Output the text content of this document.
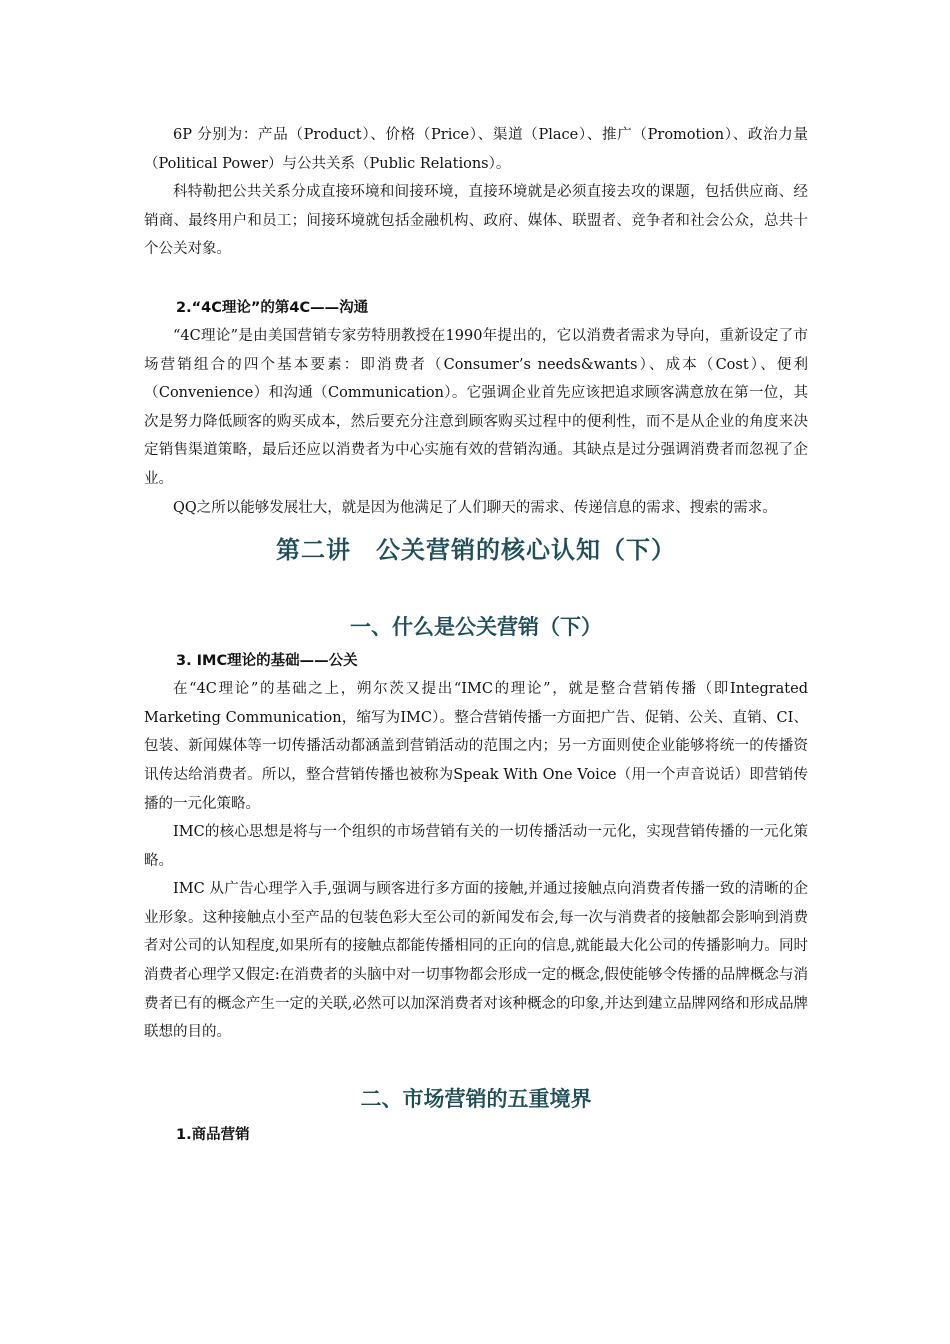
6P 分别为：产品（Product）、价格（Price）、渠道（Place）、推广（Promotion）、政治力量（Political Power）与公共关系（Public Relations）。

科特勒把公共关系分成直接环境和间接环境，直接环境就是必须直接去攻的课题，包括供应商、经销商、最终用户和员工；间接环境就包括金融机构、政府、媒体、联盟者、竞争者和社会公众，总共十个公关对象。

2.“4C理论”的第4C——沟通

“4C理论”是由美国营销专家劳特朋教授在1990年提出的，它以消费者需求为导向，重新设定了市场营销组合的四个基本要素：即消费者（Consumer’s needs&wants）、成本（Cost）、便利（Convenience）和沟通（Communication）。它强调企业首先应该把追求顾客满意放在第一位，其次是努力降低顾客的购买成本，然后要充分注意到顾客购买过程中的便利性，而不是从企业的角度来决定销售渠道策略，最后还应以消费者为中心实施有效的营销沟通。其缺点是过分强调消费者而忽视了企业。

QQ之所以能够发展壮大，就是因为他满足了人们聊天的需求、传递信息的需求、搜索的需求。

第二讲　公关营销的核心认知（下）
一、什么是公关营销（下）
3. IMC理论的基础——公关

在“4C理论”的基础之上，朔尔茨又提出“IMC的理论”，就是整合营销传播（即Integrated Marketing Communication，缩写为IMC）。整合营销传播一方面把广告、促销、公关、直销、CI、包装、新闻媒体等一切传播活动都涵盖到营销活动的范围之内；另一方面则使企业能够将统一的传播资讯传达给消费者。所以，整合营销传播也被称为Speak With One Voice（用一个声音说话）即营销传播的一元化策略。

IMC的核心思想是将与一个组织的市场营销有关的一切传播活动一元化，实现营销传播的一元化策略。

IMC 从广告心理学入手,强调与顾客进行多方面的接触,并通过接触点向消费者传播一致的清晰的企业形象。这种接触点小至产品的包装色彩大至公司的新闻发布会,每一次与消费者的接触都会影响到消费者对公司的认知程度,如果所有的接触点都能传播相同的正向的信息,就能最大化公司的传播影响力。同时消费者心理学又假定:在消费者的头脑中对一切事物都会形成一定的概念,假使能够令传播的品牌概念与消费者已有的概念产生一定的关联,必然可以加深消费者对该种概念的印象,并达到建立品牌网络和形成品牌联想的目的。

二、市场营销的五重境界
1.商品营销
